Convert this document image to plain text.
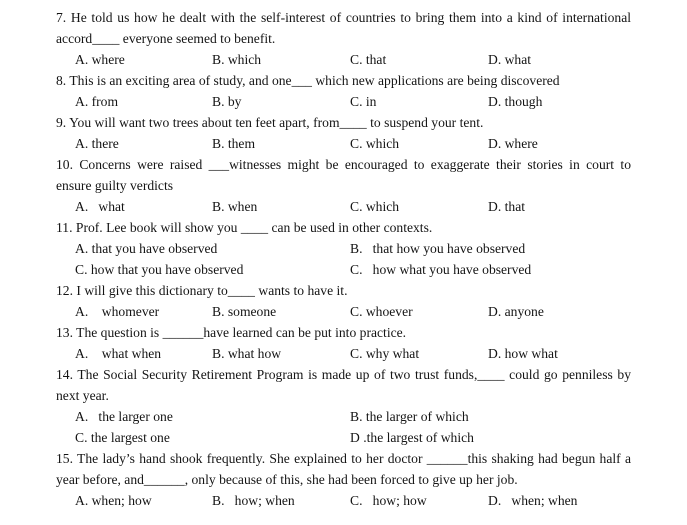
7. He told us how he dealt with the self-interest of countries to bring them into a kind of international
accord____ everyone seemed to benefit.
A. where	B. which	C. that	D. what
8. This is an exciting area of study, and one___ which new applications are being discovered
A. from	B. by	C. in	D. though
9. You will want two trees about ten feet apart, from____ to suspend your tent.
A. there	B. them	C. which	D. where
10. Concerns were raised ___witnesses might be encouraged to exaggerate their stories in court to
ensure guilty verdicts
A.   what	B. when	C. which	D. that
11. Prof. Lee book will show you ____ can be used in other contexts.
A. that you have observed	B.   that how you have observed
C. how that you have observed	C.   how what you have observed
12. I will give this dictionary to____ wants to have it.
A.    whomever	B. someone	C. whoever	D. anyone
13. The question is ______have learned can be put into practice.
A.    what when	B. what how	C. why what	D. how what
14. The Social Security Retirement Program is made up of two trust funds,____ could go penniless by
next year.
A.   the larger one	B. the larger of which
C. the largest one	D .the largest of which
15. The lady’s hand shook frequently. She explained to her doctor ______this shaking had begun half a
year before, and______, only because of this, she had been forced to give up her job.
A. when; how	B.   how; when	C.   how; how	D.   when; when
